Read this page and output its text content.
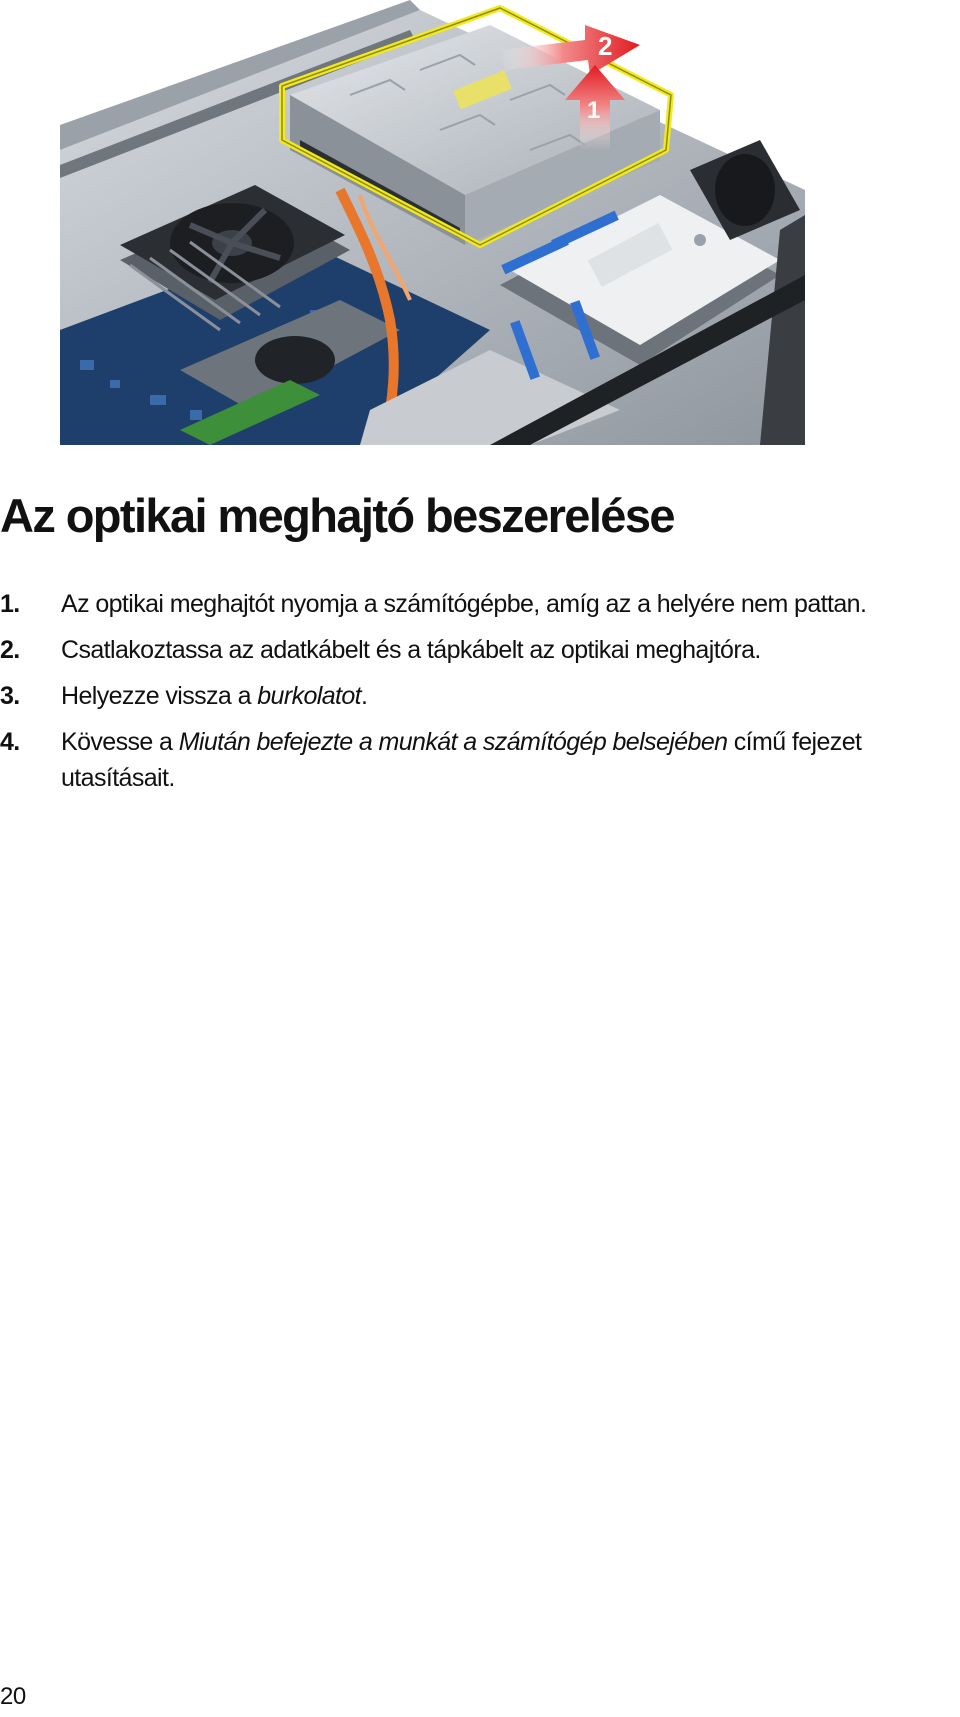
2
1
Az optikai meghajtó beszerelése
1. Az optikai meghajtót nyomja a számítógépbe, amíg az a helyére nem pattan.
2. Csatlakoztassa az adatkábelt és a tápkábelt az optikai meghajtóra.
3. Helyezze vissza a burkolatot.
4. Kövesse a Miután befejezte a munkát a számítógép belsejében című fejezet utasításait.
20
